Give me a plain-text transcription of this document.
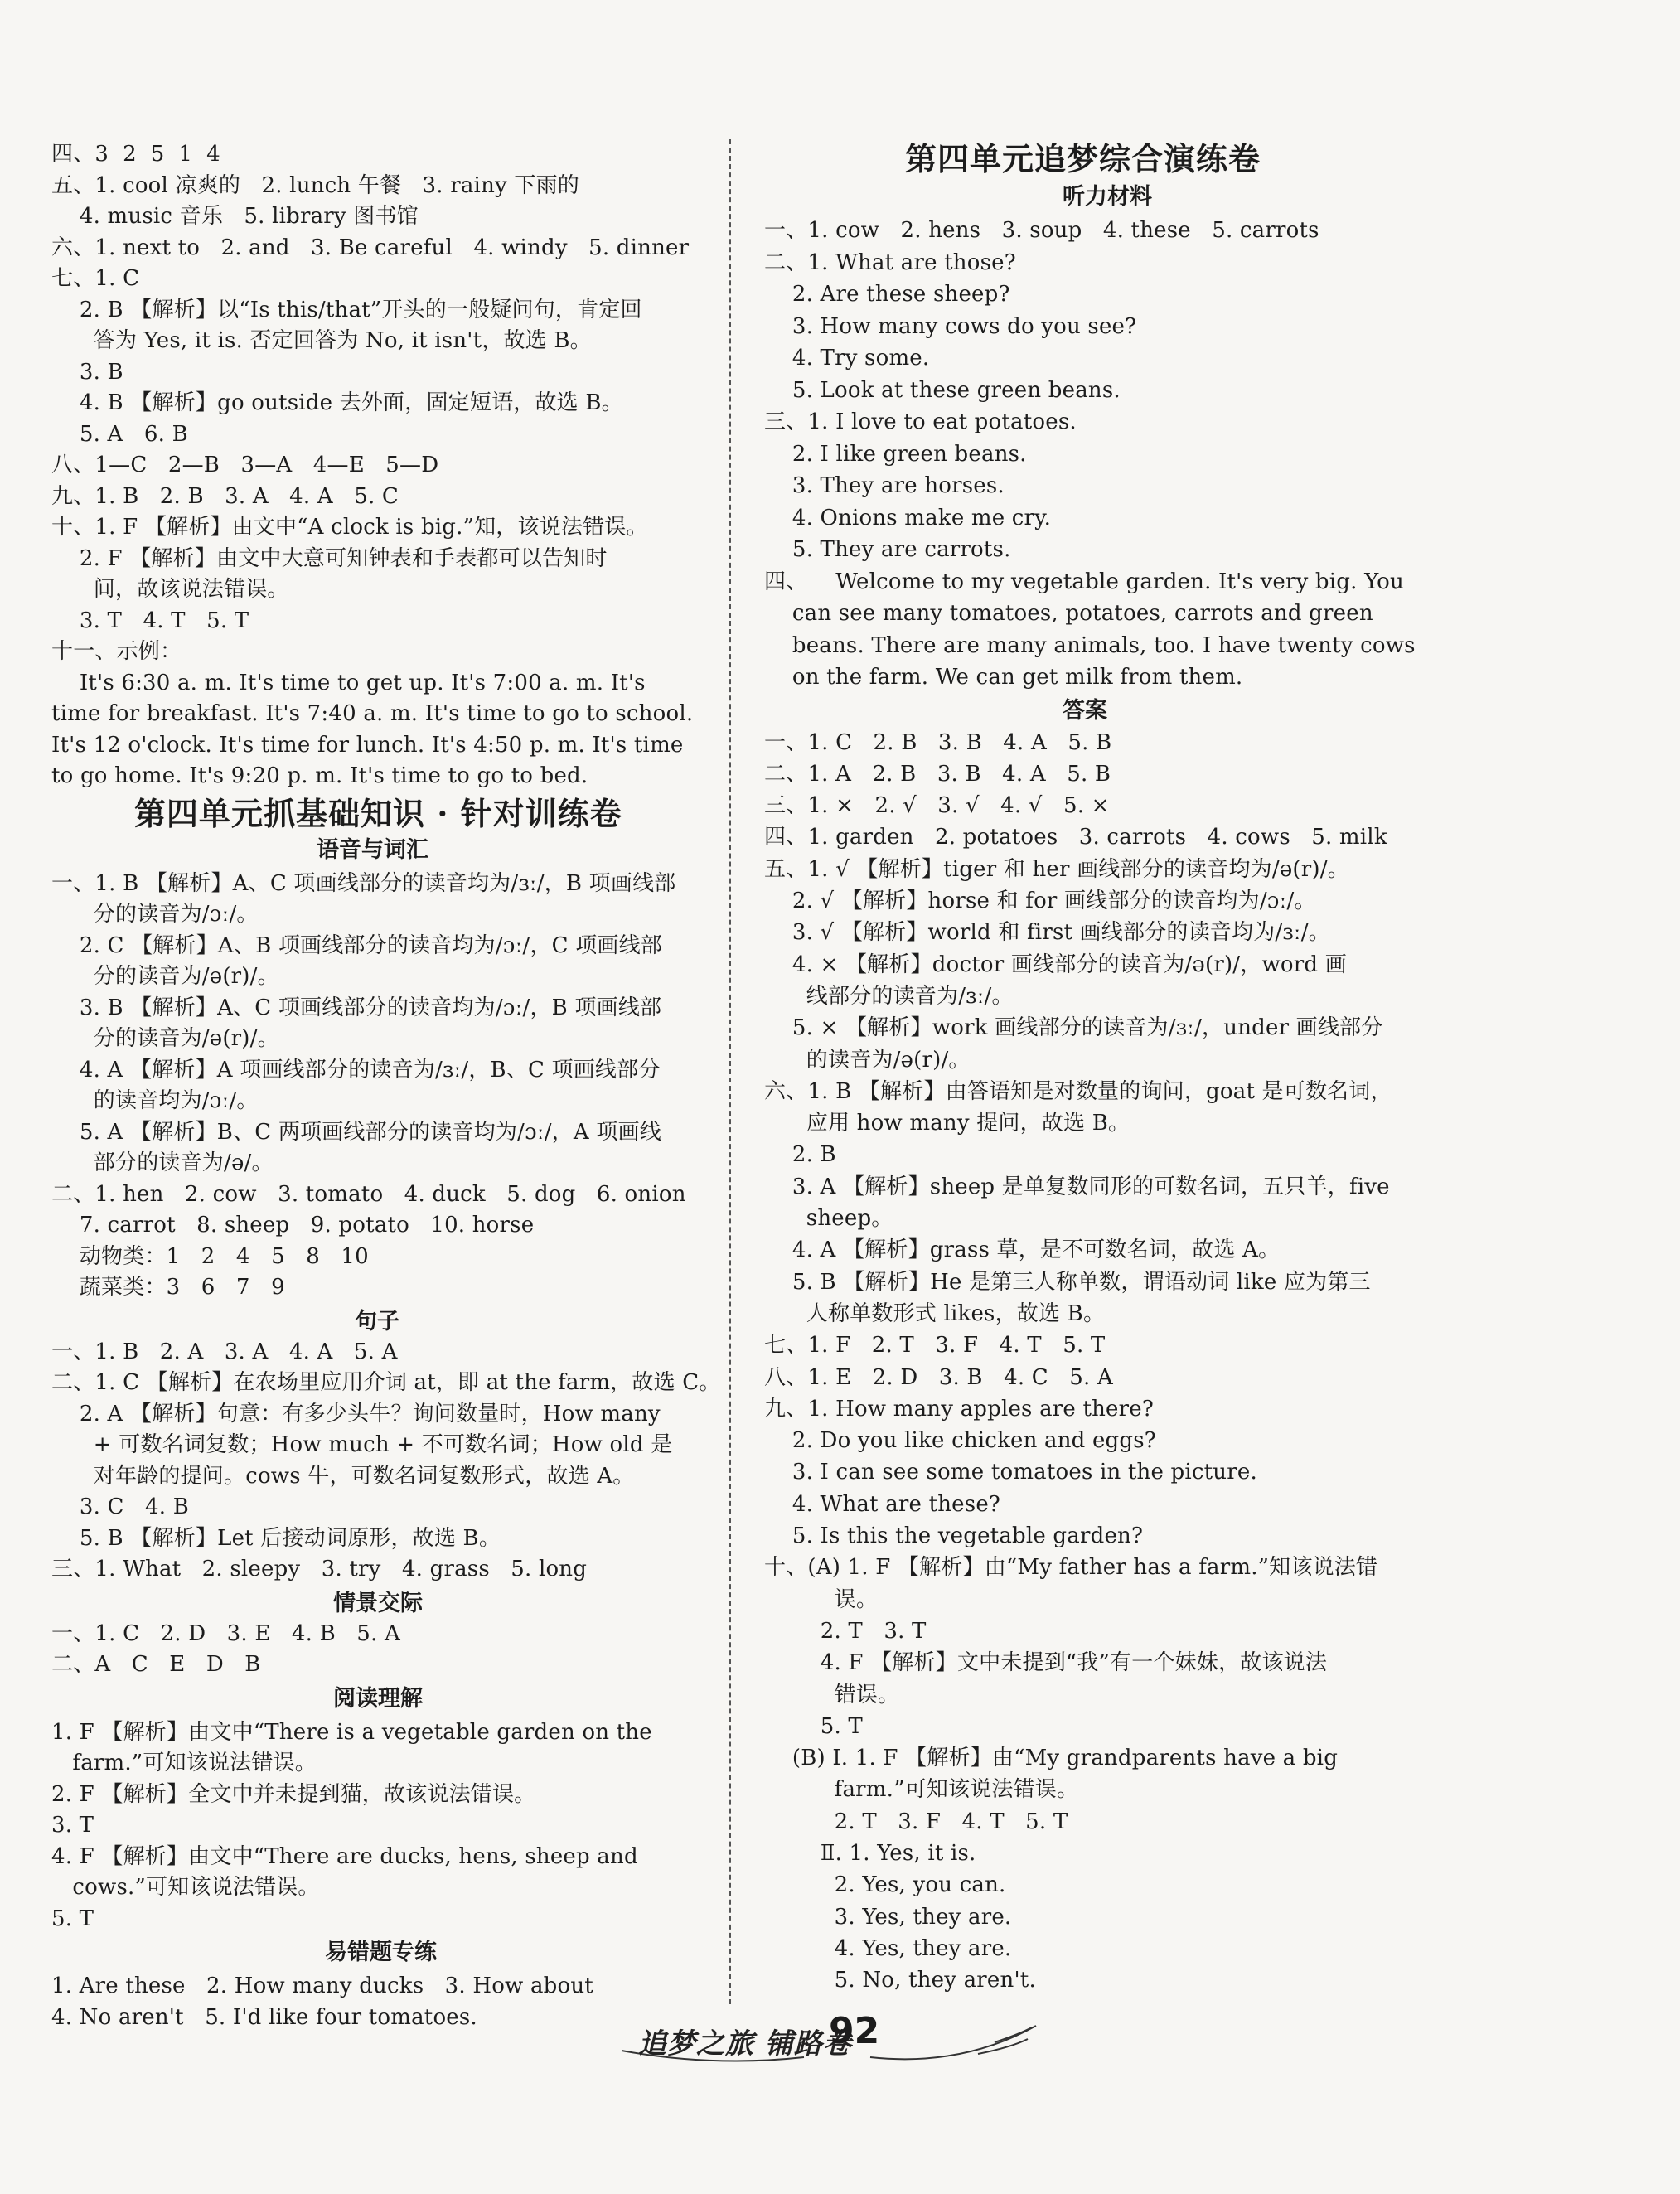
四、3  2  5  1  4
五、1. cool 凉爽的   2. lunch 午餐   3. rainy 下雨的
4. music 音乐   5. library 图书馆
六、1. next to   2. and   3. Be careful   4. windy   5. dinner
七、1. C
2. B 【解析】以“Is this/that”开头的一般疑问句，肯定回
答为 Yes, it is. 否定回答为 No, it isn't，故选 B。
3. B
4. B 【解析】go outside 去外面，固定短语，故选 B。
5. A   6. B
八、1—C   2—B   3—A   4—E   5—D
九、1. B   2. B   3. A   4. A   5. C
十、1. F 【解析】由文中“A clock is big.”知，该说法错误。
2. F 【解析】由文中大意可知钟表和手表都可以告知时
间，故该说法错误。
3. T   4. T   5. T
十一、示例：
It's 6:30 a. m. It's time to get up. It's 7:00 a. m. It's
time for breakfast. It's 7:40 a. m. It's time to go to school.
It's 12 o'clock. It's time for lunch. It's 4:50 p. m. It's time
to go home. It's 9:20 p. m. It's time to go to bed.
第四单元抓基础知识 · 针对训练卷
语音与词汇
一、1. B 【解析】A、C 项画线部分的读音均为/ɜː/，B 项画线部
分的读音为/ɔː/。
2. C 【解析】A、B 项画线部分的读音均为/ɔː/，C 项画线部
分的读音为/ə(r)/。
3. B 【解析】A、C 项画线部分的读音均为/ɔː/，B 项画线部
分的读音为/ə(r)/。
4. A 【解析】A 项画线部分的读音为/ɜː/，B、C 项画线部分
的读音均为/ɔː/。
5. A 【解析】B、C 两项画线部分的读音均为/ɔː/，A 项画线
部分的读音为/ə/。
二、1. hen   2. cow   3. tomato   4. duck   5. dog   6. onion
7. carrot   8. sheep   9. potato   10. horse
动物类：1   2   4   5   8   10
蔬菜类：3   6   7   9
句子
一、1. B   2. A   3. A   4. A   5. A
二、1. C 【解析】在农场里应用介词 at，即 at the farm，故选 C。
2. A 【解析】句意：有多少头牛？询问数量时，How many
+ 可数名词复数；How much + 不可数名词；How old 是
对年龄的提问。cows 牛，可数名词复数形式，故选 A。
3. C   4. B
5. B 【解析】Let 后接动词原形，故选 B。
三、1. What   2. sleepy   3. try   4. grass   5. long
情景交际
一、1. C   2. D   3. E   4. B   5. A
二、A   C   E   D   B
阅读理解
1. F 【解析】由文中“There is a vegetable garden on the
farm.”可知该说法错误。
2. F 【解析】全文中并未提到猫，故该说法错误。
3. T
4. F 【解析】由文中“There are ducks, hens, sheep and
cows.”可知该说法错误。
5. T
易错题专练
1. Are these   2. How many ducks   3. How about
4. No aren't   5. I'd like four tomatoes.
第四单元追梦综合演练卷
听力材料
一、1. cow   2. hens   3. soup   4. these   5. carrots
二、1. What are those?
2. Are these sheep?
3. How many cows do you see?
4. Try some.
5. Look at these green beans.
三、1. I love to eat potatoes.
2. I like green beans.
3. They are horses.
4. Onions make me cry.
5. They are carrots.
四、    Welcome to my vegetable garden. It's very big. You
can see many tomatoes, potatoes, carrots and green
beans. There are many animals, too. I have twenty cows
on the farm. We can get milk from them.
答案
一、1. C   2. B   3. B   4. A   5. B
二、1. A   2. B   3. B   4. A   5. B
三、1. ×   2. √   3. √   4. √   5. ×
四、1. garden   2. potatoes   3. carrots   4. cows   5. milk
五、1. √ 【解析】tiger 和 her 画线部分的读音均为/ə(r)/。
2. √ 【解析】horse 和 for 画线部分的读音均为/ɔː/。
3. √ 【解析】world 和 first 画线部分的读音均为/ɜː/。
4. × 【解析】doctor 画线部分的读音为/ə(r)/，word 画
线部分的读音为/ɜː/。
5. × 【解析】work 画线部分的读音为/ɜː/，under 画线部分
的读音为/ə(r)/。
六、1. B 【解析】由答语知是对数量的询问，goat 是可数名词，
应用 how many 提问，故选 B。
2. B
3. A 【解析】sheep 是单复数同形的可数名词，五只羊，five
sheep。
4. A 【解析】grass 草，是不可数名词，故选 A。
5. B 【解析】He 是第三人称单数，谓语动词 like 应为第三
人称单数形式 likes，故选 B。
七、1. F   2. T   3. F   4. T   5. T
八、1. E   2. D   3. B   4. C   5. A
九、1. How many apples are there?
2. Do you like chicken and eggs?
3. I can see some tomatoes in the picture.
4. What are these?
5. Is this the vegetable garden?
十、(A) 1. F 【解析】由“My father has a farm.”知该说法错
误。
2. T   3. T
4. F 【解析】文中未提到“我”有一个妹妹，故该说法
错误。
5. T
(B) Ⅰ. 1. F 【解析】由“My grandparents have a big
farm.”可知该说法错误。
2. T   3. F   4. T   5. T
Ⅱ. 1. Yes, it is.
2. Yes, you can.
3. Yes, they are.
4. Yes, they are.
5. No, they aren't.
追梦之旅 铺路卷
92
